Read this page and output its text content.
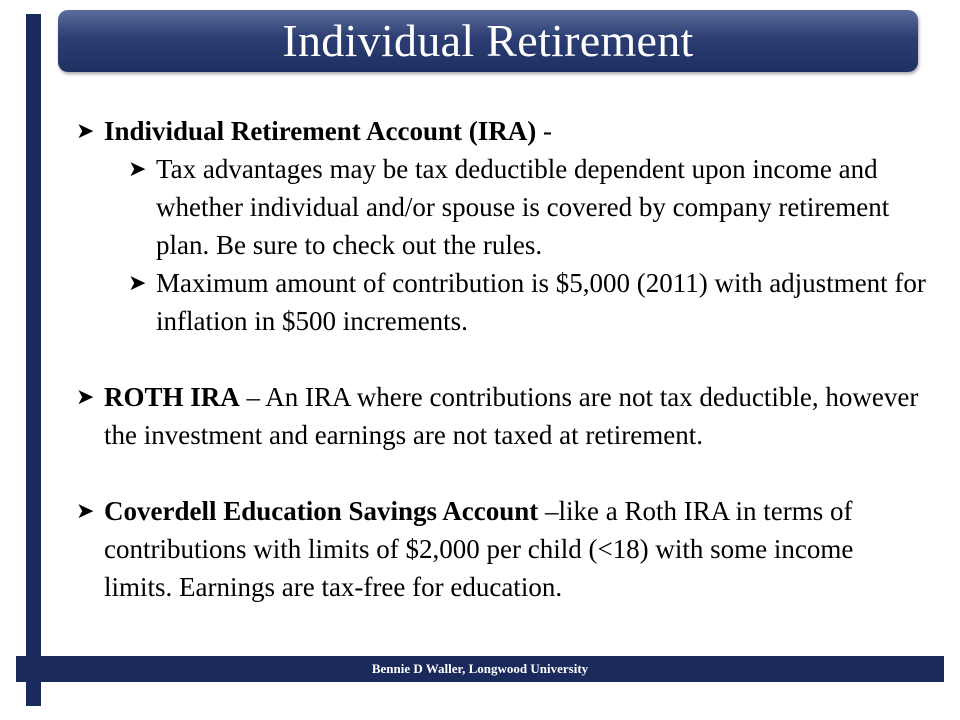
Individual Retirement
➤ Individual Retirement Account (IRA) -
➤ Tax advantages may be tax deductible dependent upon income and whether individual and/or spouse is covered by company retirement plan. Be sure to check out the rules.
➤ Maximum amount of contribution is $5,000 (2011) with adjustment for inflation in $500 increments.
➤ ROTH IRA – An IRA where contributions are not tax deductible, however the investment and earnings are not taxed at retirement.
➤ Coverdell Education Savings Account –like a Roth IRA in terms of contributions with limits of $2,000 per child (<18) with some income limits. Earnings are tax-free for education.
Bennie D Waller, Longwood University
